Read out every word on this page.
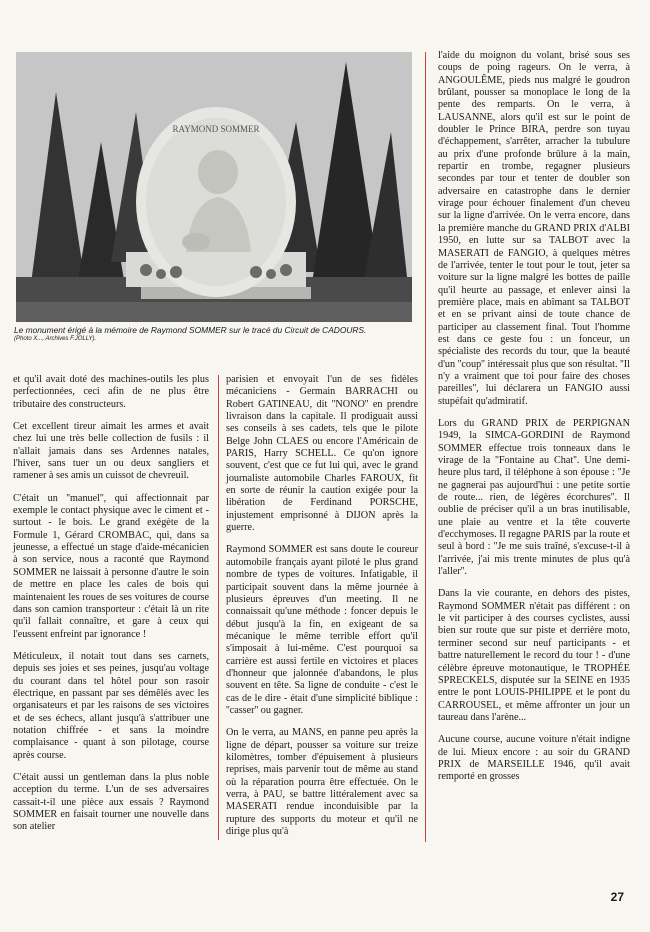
RAYMOND SOMMER
Le monument érigé à la mémoire de Raymond SOMMER sur le tracé du Circuit de CADOURS.
(Photo X..., Archives F.JOLLY).

et qu'il avait doté des machines-outils les plus perfectionnées, ceci afin de ne plus être tributaire des constructeurs.

Cet excellent tireur aimait les armes et avait chez lui une très belle collection de fusils : il n'allait jamais dans ses Ardennes natales, l'hiver, sans tuer un ou deux sangliers et ramener à ses amis un cuissot de chevreuil.

C'était un ''manuel'', qui affectionnait par exemple le contact physique avec le ciment et - surtout - le bois. Le grand exégète de la Formule 1, Gérard CROMBAC, qui, dans sa jeunesse, a effectué un stage d'aide-mécanicien à son service, nous a raconté que Raymond SOMMER ne laissait à personne d'autre le soin de mettre en place les cales de bois qui maintenaient les roues de ses voitures de course dans son camion transporteur : c'était là un rite qu'il fallait connaître, et gare à ceux qui l'eussent enfreint par ignorance !

Méticuleux, il notait tout dans ses carnets, depuis ses joies et ses peines, jusqu'au voltage du courant dans tel hôtel pour son rasoir électrique, en passant par ses démêlés avec les organisateurs et par les raisons de ses victoires et de ses échecs, allant jusqu'à s'attribuer une notation chiffrée - et sans la moindre complaisance - quant à son pilotage, course après course.

C'était aussi un gentleman dans la plus noble acception du terme. L'un de ses adversaires cassait-t-il une pièce aux essais ? Raymond SOMMER en faisait tourner une nouvelle dans son atelier

parisien et envoyait l'un de ses fidèles mécaniciens - Germain BARRACHI ou Robert GATINEAU, dit ''NONO'' en prendre livraison dans la capitale. Il prodiguait aussi ses conseils à ses cadets, tels que le pilote Belge John CLAES ou encore l'Américain de PARIS, Harry SCHELL. Ce qu'on ignore souvent, c'est que ce fut lui qui, avec le grand journaliste automobile Charles FAROUX, fit en sorte de réunir la caution exigée pour la libération de Ferdinand PORSCHE, injustement emprisonné à DIJON après la guerre.

Raymond SOMMER est sans doute le coureur automobile français ayant piloté le plus grand nombre de types de voitures. Infatigable, il participait souvent dans la même journée à plusieurs épreuves d'un meeting. Il ne connaissait qu'une méthode : foncer depuis le début jusqu'à la fin, en exigeant de sa mécanique le même terrible effort qu'il s'imposait à lui-même. C'est pourquoi sa carrière est aussi fertile en victoires et places d'honneur que jalonnée d'abandons, le plus souvent en tête. Sa ligne de conduite - c'est le cas de le dire - était d'une simplicité biblique : ''casser'' ou gagner.

On le verra, au MANS, en panne peu après la ligne de départ, pousser sa voiture sur treize kilomètres, tomber d'épuisement à plusieurs reprises, mais parvenir tout de même au stand où la réparation pourra être effectuée. On le verra, à PAU, se battre littéralement avec sa MASERATI rendue inconduisible par la rupture des supports du moteur et qu'il ne dirige plus qu'à

l'aide du moignon du volant, brisé sous ses coups de poing rageurs. On le verra, à ANGOULÊME, pieds nus malgré le goudron brûlant, pousser sa monoplace le long de la pente des remparts. On le verra, à LAUSANNE, alors qu'il est sur le point de doubler le Prince BIRA, perdre son tuyau d'échappement, s'arrêter, arracher la tubulure au prix d'une profonde brûlure à la main, repartir en trombe, regagner plusieurs secondes par tour et tenter de doubler son adversaire en catastrophe dans le dernier virage pour échouer finalement d'un cheveu sur la ligne d'arrivée. On le verra encore, dans la première manche du GRAND PRIX d'ALBI 1950, en lutte sur sa TALBOT avec la MASERATI de FANGIO, à quelques mètres de l'arrivée, tenter le tout pour le tout, jeter sa voiture sur la ligne malgré les bottes de paille qu'il heurte au passage, et enlever ainsi la première place, mais en abîmant sa TALBOT et en se privant ainsi de toute chance de participer au classement final. Tout l'homme est dans ce geste fou : un fonceur, un spécialiste des records du tour, que la beauté d'un ''coup'' intéressait plus que son résultat. ''Il n'y a vraiment que toi pour faire des choses pareilles'', lui déclarera un FANGIO aussi stupéfait qu'admiratif.

Lors du GRAND PRIX de PERPIGNAN 1949, la SIMCA-GORDINI de Raymond SOMMER effectue trois tonneaux dans le virage de la ''Fontaine au Chat''. Une demi-heure plus tard, il téléphone à son épouse : ''Je ne gagnerai pas aujourd'hui : une petite sortie de route... rien, de légères écorchures''. Il oublie de préciser qu'il a un bras inutilisable, une plaie au ventre et la tête couverte d'ecchymoses. Il regagne PARIS par la route et seul à bord : ''Je me suis traîné, s'excuse-t-il à l'arrivée, j'ai mis trente minutes de plus qu'à l'aller''.

Dans la vie courante, en dehors des pistes, Raymond SOMMER n'était pas différent : on le vit participer à des courses cyclistes, aussi bien sur route que sur piste et derrière moto, terminer second sur neuf participants - et battre naturellement le record du tour ! - d'une célèbre épreuve motonautique, le TROPHÉE SPRECKELS, disputée sur la SEINE en 1935 entre le pont LOUIS-PHILIPPE et le pont du CARROUSEL, et même affronter un jour un taureau dans l'arène...

Aucune course, aucune voiture n'était indigne de lui. Mieux encore : au soir du GRAND PRIX de MARSEILLE 1946, qu'il avait remporté en grosses

27
